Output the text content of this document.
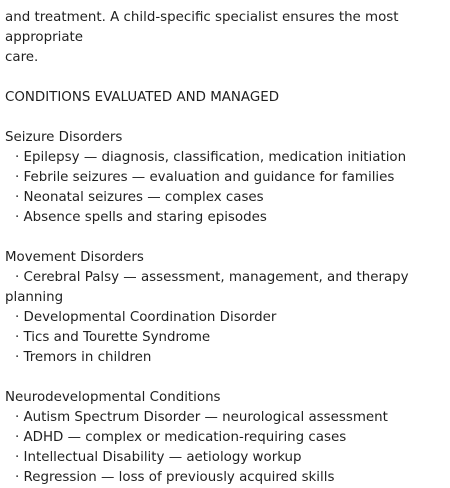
and treatment. A child-specific specialist ensures the most
appropriate
care.
CONDITIONS EVALUATED AND MANAGED
Seizure Disorders
· Epilepsy — diagnosis, classification, medication initiation
· Febrile seizures — evaluation and guidance for families
· Neonatal seizures — complex cases
· Absence spells and staring episodes
Movement Disorders
· Cerebral Palsy — assessment, management, and therapy
planning
· Developmental Coordination Disorder
· Tics and Tourette Syndrome
· Tremors in children
Neurodevelopmental Conditions
· Autism Spectrum Disorder — neurological assessment
· ADHD — complex or medication-requiring cases
· Intellectual Disability — aetiology workup
· Regression — loss of previously acquired skills
